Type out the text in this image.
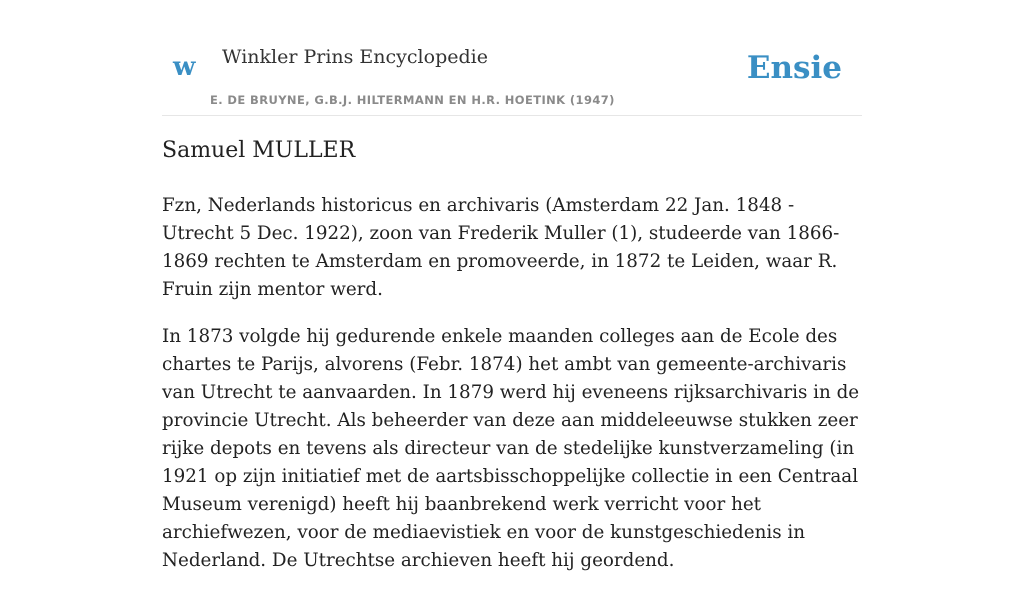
w Winkler Prins Encyclopedie
E. DE BRUYNE, G.B.J. HILTERMANN EN H.R. HOETINK (1947)
Ensie
Samuel MULLER

Fzn, Nederlands historicus en archivaris (Amsterdam 22 Jan. 1848 - Utrecht 5 Dec. 1922), zoon van Frederik Muller (1), studeerde van 1866-1869 rechten te Amsterdam en promoveerde, in 1872 te Leiden, waar R. Fruin zijn mentor werd.

In 1873 volgde hij gedurende enkele maanden colleges aan de Ecole des chartes te Parijs, alvorens (Febr. 1874) het ambt van gemeente-archivaris van Utrecht te aanvaarden. In 1879 werd hij eveneens rijksarchivaris in de provincie Utrecht. Als beheerder van deze aan middeleeuwse stukken zeer rijke depots en tevens als directeur van de stedelijke kunstverzameling (in 1921 op zijn initiatief met de aartsbisschoppelijke collectie in een Centraal Museum verenigd) heeft hij baanbrekend werk verricht voor het archiefwezen, voor de mediaevistiek en voor de kunstgeschiedenis in Nederland. De Utrechtse archieven heeft hij geordend.
